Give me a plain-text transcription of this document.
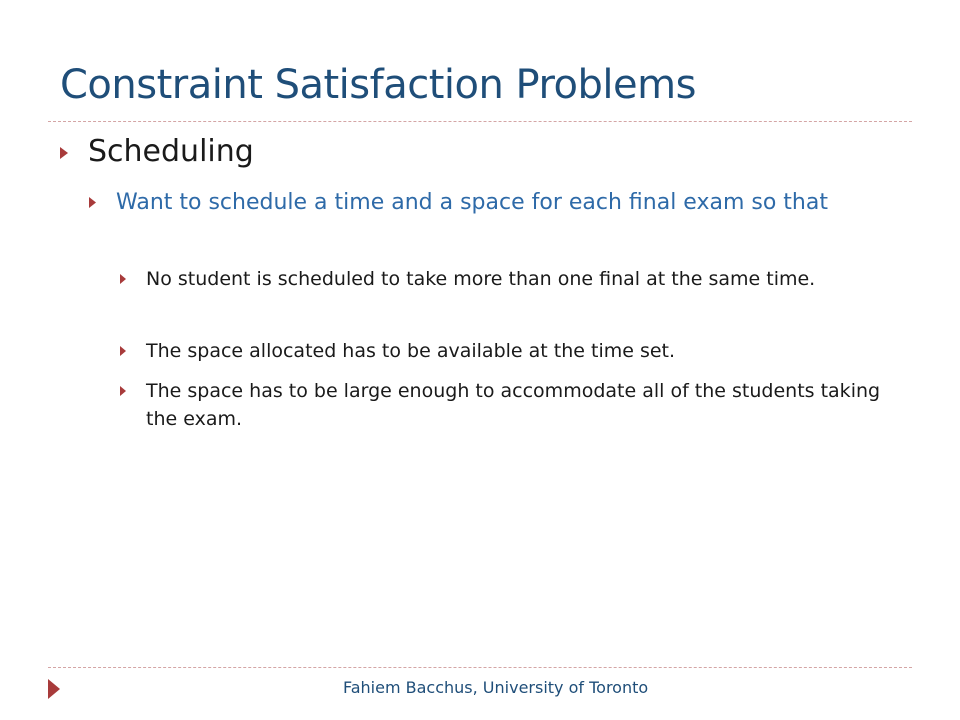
Constraint Satisfaction Problems
Scheduling
Want to schedule a time and a space for each final exam so that
No student is scheduled to take more than one final at the same time.
The space allocated has to be available at the time set.
The space has to be large enough to accommodate all of the students taking the exam.
Fahiem Bacchus, University of Toronto
